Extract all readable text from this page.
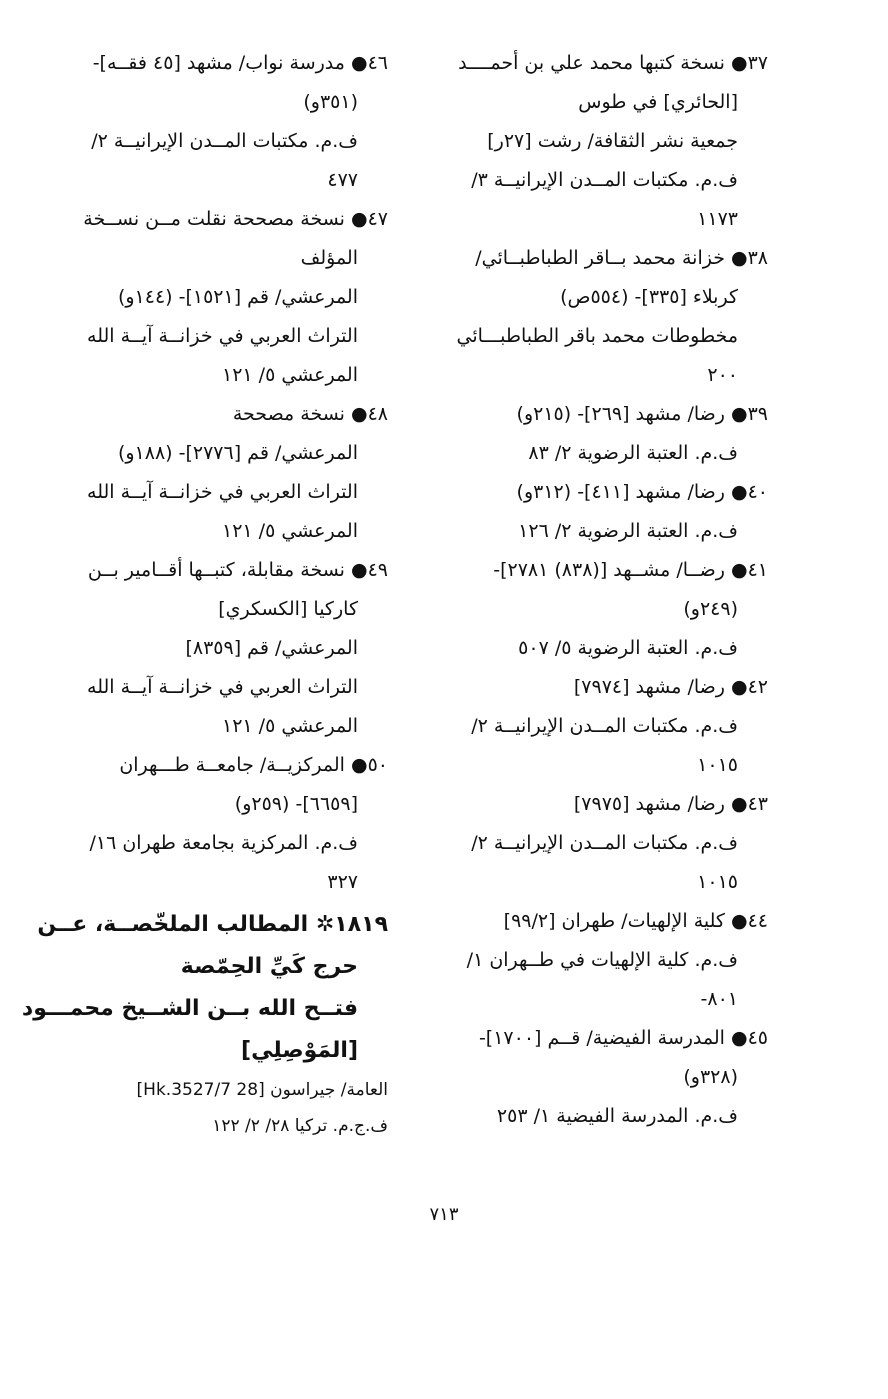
٣٧● نسخة كتبها محمد علي بن أحمــــد
[الحائري] في طوس
جمعية نشر الثقافة/ رشت [٢٧ر]
ف.م. مكتبات المــدن الإيرانيــة ٣/
١١٧٣
٣٨● خزانة محمد بــاقر الطباطبــائي/
كربلاء [٣٣٥]- (٥٥٤ص)
مخطوطات محمد باقر الطباطبـــائي
٢٠٠
٣٩● رضا/ مشهد [٢٦٩]- (٢١٥و)
ف.م. العتبة الرضوية ٢/ ٨٣
٤٠● رضا/ مشهد [٤١١]- (٣١٢و)
ف.م. العتبة الرضوية ٢/ ١٢٦
٤١● رضــا/ مشــهد [(٨٣٨) ٢٧٨١]-
(٢٤٩و)
ف.م. العتبة الرضوية ٥/ ٥٠٧
٤٢● رضا/ مشهد [٧٩٧٤]
ف.م. مكتبات المــدن الإيرانيــة ٢/
١٠١٥
٤٣● رضا/ مشهد [٧٩٧٥]
ف.م. مكتبات المــدن الإيرانيــة ٢/
١٠١٥
٤٤● كلية الإلهيات/ طهران [٩٩/٢]
ف.م. كلية الإلهيات في طــهران ١/
٨٠١-
٤٥● المدرسة الفيضية/ قــم [١٧٠٠]-
(٣٢٨و)
ف.م. المدرسة الفيضية ١/ ٢٥٣
٤٦● مدرسة نواب/ مشهد [٤٥ فقــه]-
(٣٥١و)
ف.م. مكتبات المــدن الإيرانيــة ٢/
٤٧٧
٤٧● نسخة مصححة نقلت مــن نســخة
المؤلف
المرعشي/ قم [١٥٢١]- (١٤٤و)
التراث العربي في خزانــة آيــة الله
المرعشي ٥/ ١٢١
٤٨● نسخة مصححة
المرعشي/ قم [٢٧٧٦]- (١٨٨و)
التراث العربي في خزانــة آيــة الله
المرعشي ٥/ ١٢١
٤٩● نسخة مقابلة، كتبــها أقــامير بــن
كاركيا [الكسكري]
المرعشي/ قم [٨٣٥٩]
التراث العربي في خزانــة آيــة الله
المرعشي ٥/ ١٢١
٥٠● المركزيــة/ جامعــة طـــهران
[٦٦٥٩]- (٢٥٩و)
ف.م. المركزية بجامعة طهران ١٦/
٣٢٧
١٨١٩✲ المطالب الملخّصــة، عــن
حرج كَيِّ الحِمّصة
فتــح الله بــن الشــيخ محمـــود
[المَوْصِلِي]
العامة/ جيراسون [28 Hk.3527/7]
ف.ج.م. تركيا ٢٨/ ٢/ ١٢٢
٧١٣
